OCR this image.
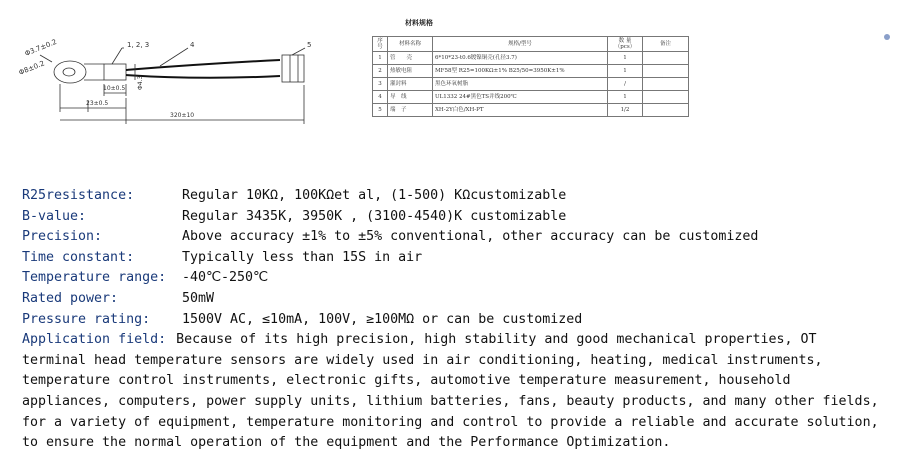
1, 2, 3	4	5
Φ3.7±0.2
Φ8±0.2
10±0.5
23±0.5
320±10
Φ4.3
材料规格
序号	材料名称	规格/型号	数 量（pcs）	备注
1	管　　壳	6*10*23-t0.6镀镍铜壳(孔径3.7)	1	
2	热敏电阻	MF58型 R25=100KΩ±1% B25/50=3950K±1%	1	
3	灌封料	黑色环氧树脂	/	
4	导　线	UL1332 24#黑色TS并线200℃	1	
5	端　子	XH-2Y白色/XH-PT	1/2	
R25resistance:	Regular 10KΩ, 100KΩet al, (1-500) KΩcustomizable
B-value:	Regular 3435K, 3950K , (3100-4540)K customizable
Precision:	Above accuracy ±1% to ±5% conventional, other accuracy can be customized
Time constant:	Typically less than 15S in air
Temperature range: -40℃-250℃
Rated power:	50mW
Pressure rating: 1500V AC, ≤10mA, 100V, ≥100MΩ or can be customized
Application field: Because of its high precision, high stability and good mechanical properties, OT terminal head temperature sensors are widely used in air conditioning, heating, medical instruments, temperature control instruments, electronic gifts, automotive temperature measurement, household appliances, computers, power supply units, lithium batteries, fans, beauty products, and many other fields, for a variety of equipment, temperature monitoring and control to provide a reliable and accurate solution, to ensure the normal operation of the equipment and the Performance Optimization.
